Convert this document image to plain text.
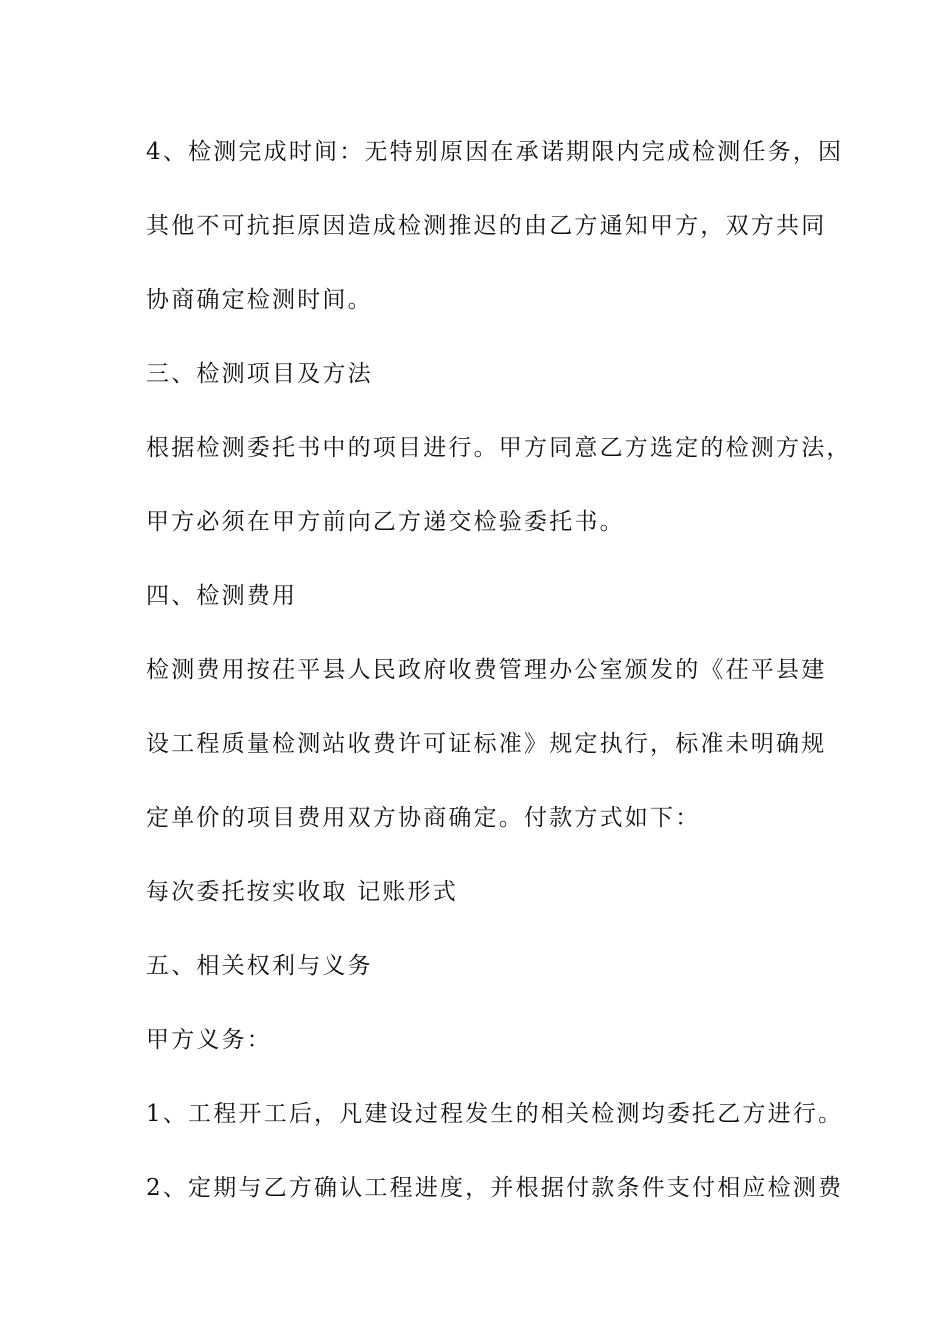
4、检测完成时间：无特别原因在承诺期限内完成检测任务，因

其他不可抗拒原因造成检测推迟的由乙方通知甲方，双方共同

协商确定检测时间。

三、检测项目及方法

根据检测委托书中的项目进行。甲方同意乙方选定的检测方法，

甲方必须在甲方前向乙方递交检验委托书。

四、检测费用

检测费用按茌平县人民政府收费管理办公室颁发的《茌平县建

设工程质量检测站收费许可证标准》规定执行，标准未明确规

定单价的项目费用双方协商确定。付款方式如下：

每次委托按实收取 记账形式

五、相关权利与义务

甲方义务：

1、工程开工后，凡建设过程发生的相关检测均委托乙方进行。

2、定期与乙方确认工程进度，并根据付款条件支付相应检测费
